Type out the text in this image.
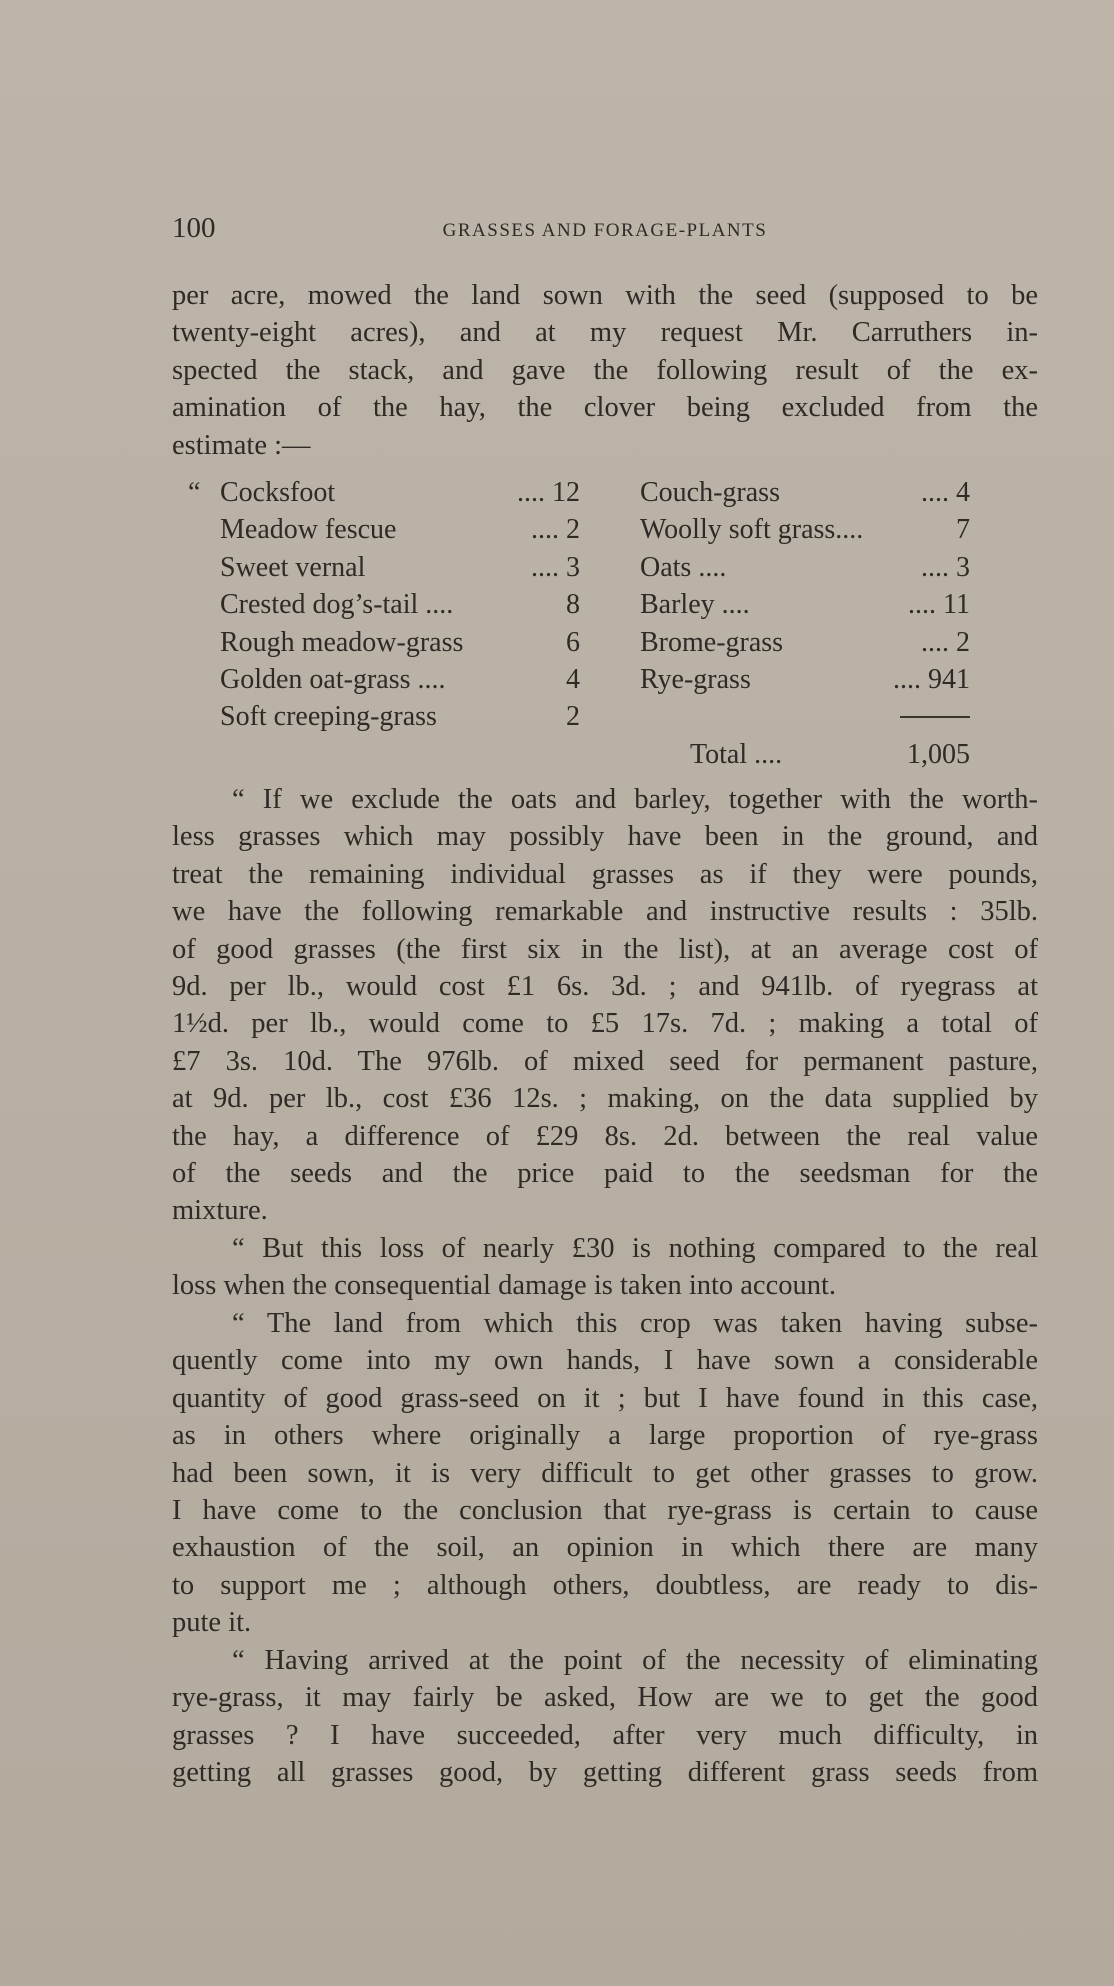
100	GRASSES AND FORAGE-PLANTS
per acre, mowed the land sown with the seed (supposed to be
twenty-eight acres), and at my request Mr. Carruthers in-
spected the stack, and gave the following result of the ex-
amination of the hay, the clover being excluded from the
estimate :—
“ Cocksfoot	.... 12
Meadow fescue	.... 2
Sweet vernal	.... 3
Crested dog’s-tail ....	8
Rough meadow-grass	6
Golden oat-grass ....	4
Soft creeping-grass	2
Couch-grass	.... 4
Woolly soft grass....	7
Oats ....	.... 3
Barley ....	.... 11
Brome-grass	.... 2
Rye-grass	.... 941
Total ....	1,005
“ If we exclude the oats and barley, together with the worth-
less grasses which may possibly have been in the ground, and
treat the remaining individual grasses as if they were pounds,
we have the following remarkable and instructive results : 35lb.
of good grasses (the first six in the list), at an average cost of
9d. per lb., would cost £1 6s. 3d. ; and 941lb. of ryegrass at
1½d. per lb., would come to £5 17s. 7d. ; making a total of
£7 3s. 10d. The 976lb. of mixed seed for permanent pasture,
at 9d. per lb., cost £36 12s. ; making, on the data supplied by
the hay, a difference of £29 8s. 2d. between the real value
of the seeds and the price paid to the seedsman for the
mixture.
“ But this loss of nearly £30 is nothing compared to the real
loss when the consequential damage is taken into account.
“ The land from which this crop was taken having subse-
quently come into my own hands, I have sown a considerable
quantity of good grass-seed on it ; but I have found in this case,
as in others where originally a large proportion of rye-grass
had been sown, it is very difficult to get other grasses to grow.
I have come to the conclusion that rye-grass is certain to cause
exhaustion of the soil, an opinion in which there are many
to support me ; although others, doubtless, are ready to dis-
pute it.
“ Having arrived at the point of the necessity of eliminating
rye-grass, it may fairly be asked, How are we to get the good
grasses ? I have succeeded, after very much difficulty, in
getting all grasses good, by getting different grass seeds from
